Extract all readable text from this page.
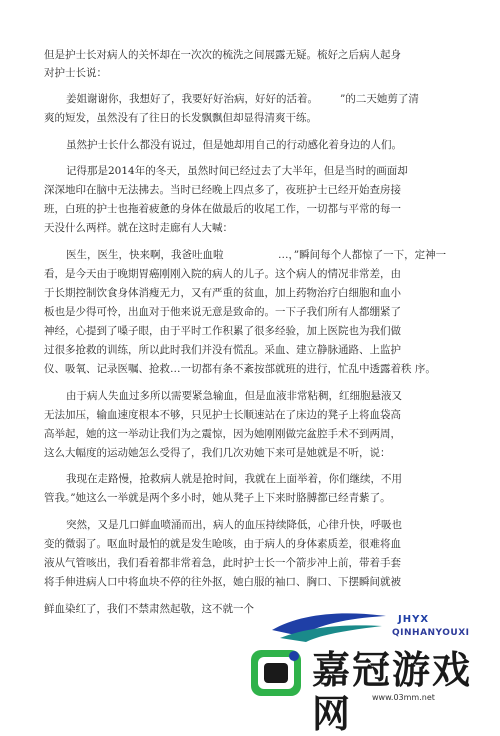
但是护士长对病人的关怀却在一次次的梳洗之间展露无疑。梳好之后病人起身
对护士长说：
姜姐谢谢你，我想好了，我要好好治病，好好的活着。 ”的二天她剪了清
爽的短发，虽然没有了往日的长发飘飘但却显得清爽干练。
虽然护士长什么都没有说过，但是她却用自己的行动感化着身边的人们。
记得那是2014年的冬天，虽然时间已经过去了大半年，但是当时的画面却
深深地印在脑中无法拂去。当时已经晚上四点多了，夜班护士已经开始查房接
班，白班的护士也拖着疲惫的身体在做最后的收尾工作，一切都与平常的每一
天没什么两样。就在这时走廊有人大喊：
医生，医生，快来啊，我爸吐血啦	…，”瞬间每个人都惊了一下，定神一
看，是今天由于晚期胃癌刚刚入院的病人的儿子。这个病人的情况非常差，由
于长期控制饮食身体消瘦无力，又有严重的贫血，加上药物治疗白细胞和血小
板也是少得可怜，出血对于他来说无意是致命的。一下子我们所有人都绷紧了
神经，心提到了嗓子眼，由于平时工作积累了很多经验，加上医院也为我们做
过很多抢救的训练，所以此时我们并没有慌乱。采血、建立静脉通路、上监护
仪、吸氧、记录医嘱、抢救…一切都有条不紊按部就班的进行，忙乱中透露着秩 序。
由于病人失血过多所以需要紧急输血，但是血液非常粘稠，红细胞悬液又
无法加压，输血速度根本不够，只见护士长顺速站在了床边的凳子上将血袋高
高举起，她的这一举动让我们为之震惊，因为她刚刚做完盆腔手术不到两周，
这么大幅度的运动她怎么受得了，我们几次劝她下来可是她就是不听，说：
我现在走路慢，抢救病人就是抢时间，我就在上面举着，你们继续，不用
管我。”她这么一举就是两个多小时，她从凳子上下来时胳膊都已经青紫了。
突然，又是几口鲜血喷涌而出，病人的血压持续降低，心律升快，呼吸也
变的微弱了。呕血时最怕的就是发生呛咳，由于病人的身体素质差，很难将血
液从气管咳出，我们看着都非常着急，此时护士长一个箭步冲上前，带着手套
将手伸进病人口中将血块不停的往外抠，她白服的袖口、胸口、下摆瞬间就被
鲜血染红了，我们不禁肃然起敬，这不就一个
JHYX
QINHANYOUXI
嘉冠游戏网	www.03mm.net
